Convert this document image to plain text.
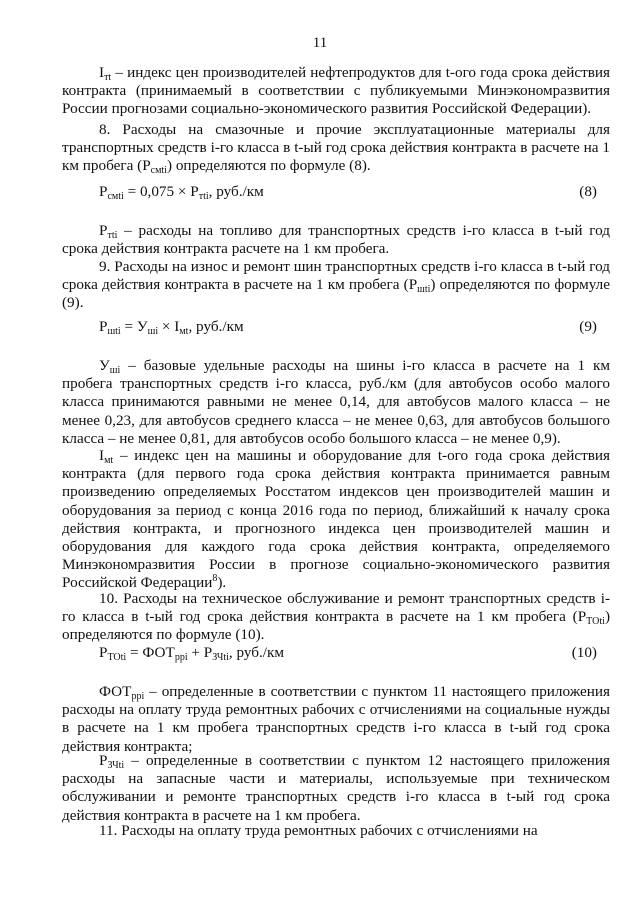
11

$I_{тt}$ – индекс цен производителей нефтепродуктов для t-ого года срока действия контракта (принимаемый в соответствии с публикуемыми Минэкономразвития России прогнозами социально-экономического развития Российской Федерации).

8. Расходы на смазочные и прочие эксплуатационные материалы для транспортных средств i-го класса в t-ый год срока действия контракта в расчете на 1 км пробега $(Р_{смti})$ определяются по формуле (8).

$Р_{смti} = 0,075 \times Р_{тti}$, руб./км	(8)

$Р_{тti}$ – расходы на топливо для транспортных средств i-го класса в t-ый год срока действия контракта расчете на 1 км пробега.

9. Расходы на износ и ремонт шин транспортных средств i-го класса в t-ый год срока действия контракта в расчете на 1 км пробега $(Р_{шti})$ определяются по формуле (9).

$Р_{шti} = У_{шi} \times I_{мt}$, руб./км	(9)

$У_{шi}$ – базовые удельные расходы на шины i-го класса в расчете на 1 км пробега транспортных средств i-го класса, руб./км (для автобусов особо малого класса принимаются равными не менее 0,14, для автобусов малого класса – не менее 0,23, для автобусов среднего класса – не менее 0,63, для автобусов большого класса – не менее 0,81, для автобусов особо большого класса – не менее 0,9).

$I_{мt}$ – индекс цен на машины и оборудование для t-ого года срока действия контракта (для первого года срока действия контракта принимается равным произведению определяемых Росстатом индексов цен производителей машин и оборудования за период с конца 2016 года по период, ближайший к началу срока действия контракта, и прогнозного индекса цен производителей машин и оборудования для каждого года срока действия контракта, определяемого Минэкономразвития России в прогнозе социально-экономического развития Российской Федерации$^8$).

10. Расходы на техническое обслуживание и ремонт транспортных средств i-го класса в t-ый год срока действия контракта в расчете на 1 км пробега $(Р_{ТОti})$ определяются по формуле (10).

$Р_{ТОti} = ФОТ_{ppi} + Р_{ЗЧti}$, руб./км	(10)

$ФОТ_{ppi}$ – определенные в соответствии с пунктом 11 настоящего приложения расходы на оплату труда ремонтных рабочих с отчислениями на социальные нужды в расчете на 1 км пробега транспортных средств i-го класса в t-ый год срока действия контракта;

$Р_{ЗЧti}$ – определенные в соответствии с пунктом 12 настоящего приложения расходы на запасные части и материалы, используемые при техническом обслуживании и ремонте транспортных средств i-го класса в t-ый год срока действия контракта в расчете на 1 км пробега.

11. Расходы на оплату труда ремонтных рабочих с отчислениями на
